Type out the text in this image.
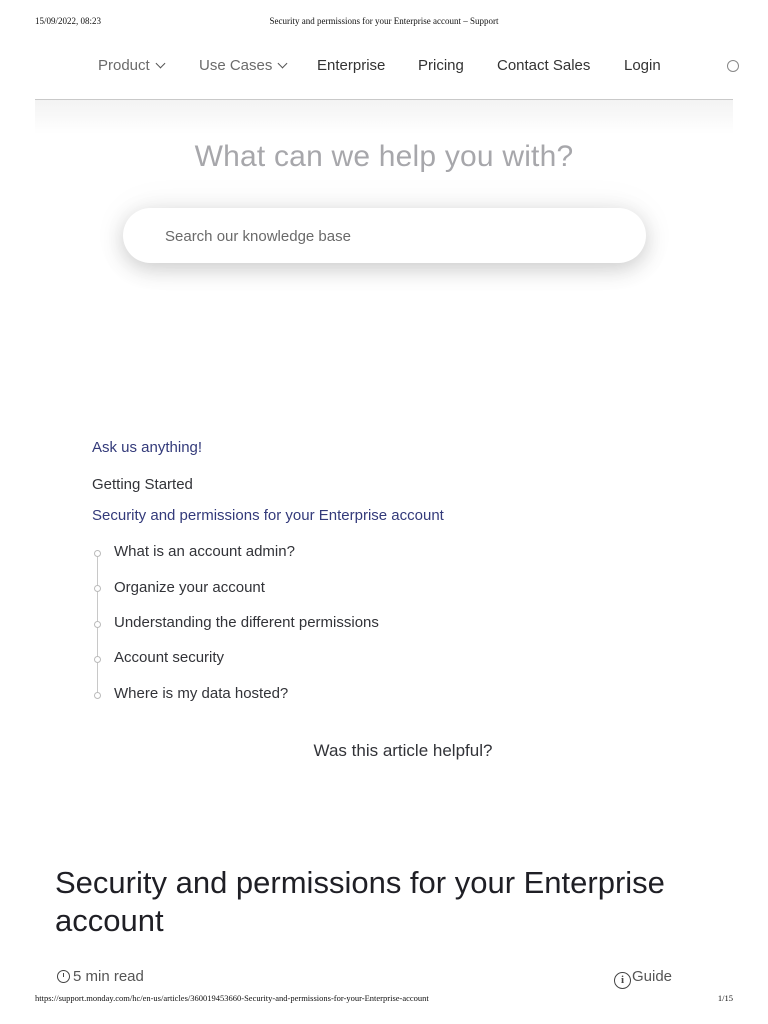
15/09/2022, 08:23	Security and permissions for your Enterprise account – Support
Product	Use Cases	Enterprise Pricing Contact Sales Login
What can we help you with?
Search our knowledge base
Ask us anything!
Getting Started
Security and permissions for your Enterprise account
What is an account admin?
Organize your account
Understanding the different permissions
Account security
Where is my data hosted?
Was this article helpful?
Security and permissions for your Enterprise account
5 min read	i Guide
https://support.monday.com/hc/en-us/articles/360019453660-Security-and-permissions-for-your-Enterprise-account	1/15
